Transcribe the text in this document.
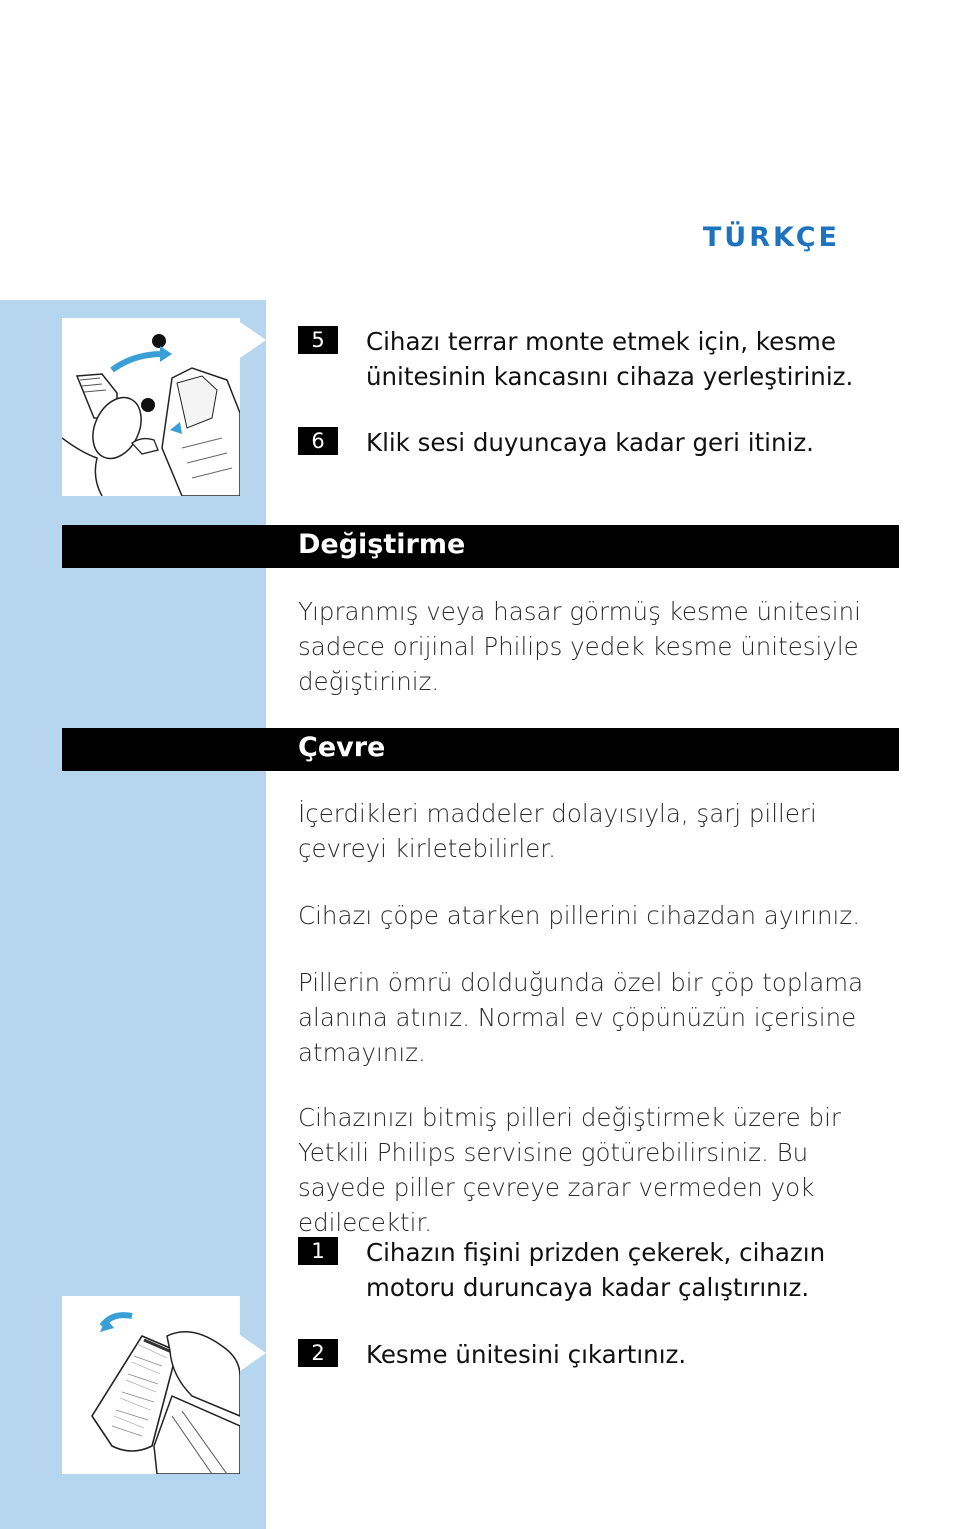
TÜRKÇE
5	Cihazı terrar monte etmek için, kesme ünitesinin kancasını cihaza yerleştiriniz.
6	Klik sesi duyuncaya kadar geri itiniz.
Değiştirme
Yıpranmış veya hasar görmüş kesme ünitesini sadece orijinal Philips yedek kesme ünitesiyle değiştiriniz.
Çevre
İçerdikleri maddeler dolayısıyla, şarj pilleri çevreyi kirletebilirler.
Cihazı çöpe atarken pillerini cihazdan ayırınız.
Pillerin ömrü dolduğunda özel bir çöp toplama alanına atınız. Normal ev çöpünüzün içerisine atmayınız.
Cihazınızı bitmiş pilleri değiştirmek üzere bir Yetkili Philips servisine götürebilirsiniz. Bu sayede piller çevreye zarar vermeden yok edilecektir.
1	Cihazın fişini prizden çekerek, cihazın motoru duruncaya kadar çalıştırınız.
2	Kesme ünitesini çıkartınız.
